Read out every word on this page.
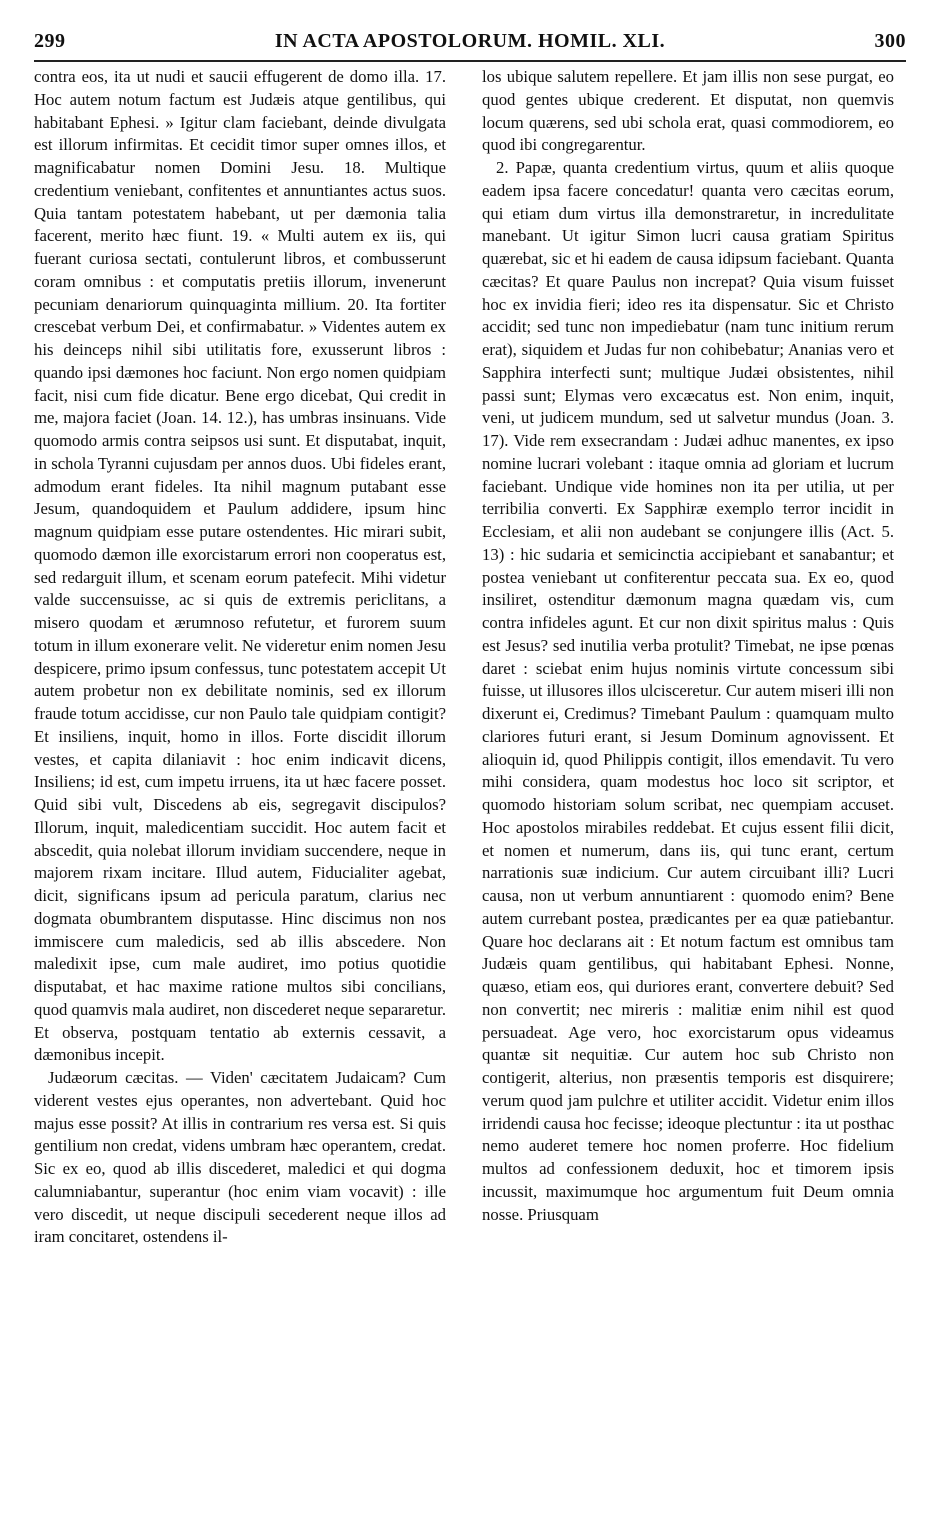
299	IN ACTA APOSTOLORUM. HOMIL. XLI.	300

contra eos, ita ut nudi et saucii effugerent de domo illa. 17. Hoc autem notum factum est Judæis atque gentilibus, qui habitabant Ephesi. » Igitur clam faciebant, deinde divulgata est illorum infirmitas. Et cecidit timor super omnes illos, et magnificabatur nomen Domini Jesu. 18. Multique credentium veniebant, confitentes et annuntiantes actus suos. Quia tantam potestatem habebant, ut per dæmonia talia facerent, merito hæc fiunt. 19. « Multi autem ex iis, qui fuerant curiosa sectati, contulerunt libros, et combusserunt coram omnibus : et computatis pretiis illorum, invenerunt pecuniam denariorum quinquaginta millium. 20. Ita fortiter crescebat verbum Dei, et confirmabatur. » Videntes autem ex his deinceps nihil sibi utilitatis fore, exusserunt libros : quando ipsi dæmones hoc faciunt. Non ergo nomen quidpiam facit, nisi cum fide dicatur. Bene ergo dicebat, Qui credit in me, majora faciet (Joan. 14. 12.), has umbras insinuans. Vide quomodo armis contra seipsos usi sunt. Et disputabat, inquit, in schola Tyranni cujusdam per annos duos. Ubi fideles erant, admodum erant fideles. Ita nihil magnum putabant esse Jesum, quandoquidem et Paulum addidere, ipsum hinc magnum quidpiam esse putare ostendentes. Hic mirari subit, quomodo dæmon ille exorcistarum errori non cooperatus est, sed redarguit illum, et scenam eorum patefecit. Mihi videtur valde succensuisse, ac si quis de extremis periclitans, a misero quodam et ærumnoso refutetur, et furorem suum totum in illum exonerare velit. Ne videretur enim nomen Jesu despicere, primo ipsum confessus, tunc potestatem accepit Ut autem probetur non ex debilitate nominis, sed ex illorum fraude totum accidisse, cur non Paulo tale quidpiam contigit? Et insiliens, inquit, homo in illos. Forte discidit illorum vestes, et capita dilaniavit : hoc enim indicavit dicens, Insiliens; id est, cum impetu irruens, ita ut hæc facere posset. Quid sibi vult, Discedens ab eis, segregavit discipulos? Illorum, inquit, maledicentiam succidit. Hoc autem facit et abscedit, quia nolebat illorum invidiam succendere, neque in majorem rixam incitare. Illud autem, Fiducialiter agebat, dicit, significans ipsum ad pericula paratum, clarius nec dogmata obumbrantem disputasse. Hinc discimus non nos immiscere cum maledicis, sed ab illis abscedere. Non maledixit ipse, cum male audiret, imo potius quotidie disputabat, et hac maxime ratione multos sibi concilians, quod quamvis mala audiret, non discederet neque separaretur. Et observa, postquam tentatio ab externis cessavit, a dæmonibus incepit.

Judæorum cæcitas. — Viden' cæcitatem Judaicam? Cum viderent vestes ejus operantes, non advertebant. Quid hoc majus esse possit? At illis in contrarium res versa est. Si quis gentilium non credat, videns umbram hæc operantem, credat. Sic ex eo, quod ab illis discederet, maledici et qui dogma calumniabantur, superantur (hoc enim viam vocavit) : ille vero discedit, ut neque discipuli secederent neque illos ad iram concitaret, ostendens il-

los ubique salutem repellere. Et jam illis non sese purgat, eo quod gentes ubique crederent. Et disputat, non quemvis locum quærens, sed ubi schola erat, quasi commodiorem, eo quod ibi congregarentur.

2. Papæ, quanta credentium virtus, quum et aliis quoque eadem ipsa facere concedatur! quanta vero cæcitas eorum, qui etiam dum virtus illa demonstraretur, in incredulitate manebant. Ut igitur Simon lucri causa gratiam Spiritus quærebat, sic et hi eadem de causa idipsum faciebant. Quanta cæcitas? Et quare Paulus non increpat? Quia visum fuisset hoc ex invidia fieri; ideo res ita dispensatur. Sic et Christo accidit; sed tunc non impediebatur (nam tunc initium rerum erat), siquidem et Judas fur non cohibebatur; Ananias vero et Sapphira interfecti sunt; multique Judæi obsistentes, nihil passi sunt; Elymas vero excæcatus est. Non enim, inquit, veni, ut judicem mundum, sed ut salvetur mundus (Joan. 3. 17). Vide rem exsecrandam : Judæi adhuc manentes, ex ipso nomine lucrari volebant : itaque omnia ad gloriam et lucrum faciebant. Undique vide homines non ita per utilia, ut per terribilia converti. Ex Sapphiræ exemplo terror incidit in Ecclesiam, et alii non audebant se conjungere illis (Act. 5. 13) : hic sudaria et semicinctia accipiebant et sanabantur; et postea veniebant ut confiterentur peccata sua. Ex eo, quod insiliret, ostenditur dæmonum magna quædam vis, cum contra infideles agunt. Et cur non dixit spiritus malus : Quis est Jesus? sed inutilia verba protulit? Timebat, ne ipse pœnas daret : sciebat enim hujus nominis virtute concessum sibi fuisse, ut illusores illos ulcisceretur. Cur autem miseri illi non dixerunt ei, Credimus? Timebant Paulum : quamquam multo clariores futuri erant, si Jesum Dominum agnovissent. Et alioquin id, quod Philippis contigit, illos emendavit. Tu vero mihi considera, quam modestus hoc loco sit scriptor, et quomodo historiam solum scribat, nec quempiam accuset. Hoc apostolos mirabiles reddebat. Et cujus essent filii dicit, et nomen et numerum, dans iis, qui tunc erant, certum narrationis suæ indicium. Cur autem circuibant illi? Lucri causa, non ut verbum annuntiarent : quomodo enim? Bene autem currebant postea, prædicantes per ea quæ patiebantur. Quare hoc declarans ait : Et notum factum est omnibus tam Judæis quam gentilibus, qui habitabant Ephesi. Nonne, quæso, etiam eos, qui duriores erant, convertere debuit? Sed non convertit; nec mireris : malitiæ enim nihil est quod persuadeat. Age vero, hoc exorcistarum opus videamus quantæ sit nequitiæ. Cur autem hoc sub Christo non contigerit, alterius, non præsentis temporis est disquirere; verum quod jam pulchre et utiliter accidit. Videtur enim illos irridendi causa hoc fecisse; ideoque plectuntur : ita ut posthac nemo auderet temere hoc nomen proferre. Hoc fidelium multos ad confessionem deduxit, hoc et timorem ipsis incussit, maximumque hoc argumentum fuit Deum omnia nosse. Priusquam
